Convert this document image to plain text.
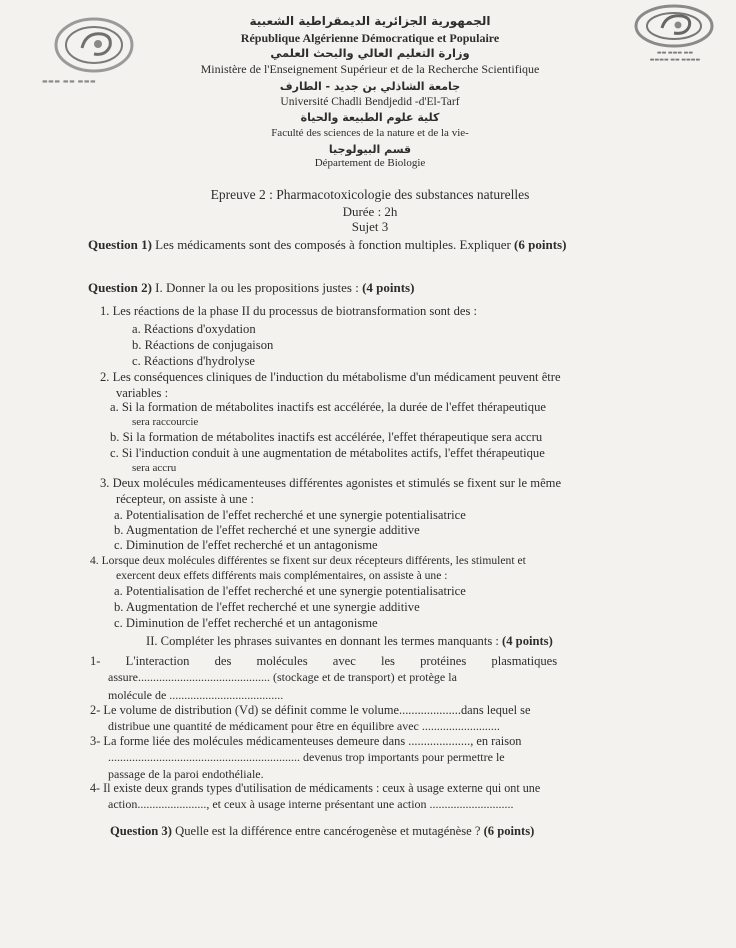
▬▬▬ ▬▬ ▬▬▬
▬▬ ▬▬▬ ▬▬
▬▬▬▬ ▬▬ ▬▬▬▬
الجمهورية الجزائرية الديمقراطية الشعبية
République Algérienne Démocratique et Populaire
وزارة التعليم العالي والبحث العلمي
Ministère de l'Enseignement Supérieur et de la Recherche Scientifique
جامعة الشاذلي بن جديد - الطارف
Université Chadli Bendjedid -d'El-Tarf
كلية علوم الطبيعة والحياة
Faculté des sciences de la nature et de la vie-
قسم البيولوجيا
Département de Biologie
Epreuve 2 : Pharmacotoxicologie des substances naturelles
Durée : 2h
Sujet 3
Question 1) Les médicaments sont des composés à fonction multiples. Expliquer (6 points)
Question 2) I. Donner la ou les propositions justes : (4 points)
1. Les réactions de la phase II du processus de biotransformation sont des :
a. Réactions d'oxydation
b. Réactions de conjugaison
c. Réactions d'hydrolyse
2. Les conséquences cliniques de l'induction du métabolisme d'un médicament peuvent être
variables :
a. Si la formation de métabolites inactifs est accélérée, la durée de l'effet thérapeutique
sera raccourcie
b. Si la formation de métabolites inactifs est accélérée, l'effet thérapeutique sera accru
c. Si l'induction conduit à une augmentation de métabolites actifs, l'effet thérapeutique
sera accru
3. Deux molécules médicamenteuses différentes agonistes et stimulés se fixent sur le même
récepteur, on assiste à une :
a. Potentialisation de l'effet recherché et une synergie potentialisatrice
b. Augmentation de l'effet recherché et une synergie additive
c. Diminution de l'effet recherché et un antagonisme
4. Lorsque deux molécules différentes se fixent sur deux récepteurs différents, les stimulent et
exercent deux effets différents mais complémentaires, on assiste à une :
a. Potentialisation de l'effet recherché et une synergie potentialisatrice
b. Augmentation de l'effet recherché et une synergie additive
c. Diminution de l'effet recherché et un antagonisme
II. Compléter les phrases suivantes en donnant les termes manquants : (4 points)
1- L'interaction des molécules avec les protéines plasmatiques
assure............................................ (stockage et de transport) et protège la
molécule de ......................................
2- Le volume de distribution (Vd) se définit comme le volume....................dans lequel se
distribue une quantité de médicament pour être en équilibre avec ..........................
3- La forme liée des molécules médicamenteuses demeure dans ...................., en raison
................................................................ devenus trop importants pour permettre le
passage de la paroi endothéliale.
4- Il existe deux grands types d'utilisation de médicaments : ceux à usage externe qui ont une
action......................., et ceux à usage interne présentant une action ............................
Question 3) Quelle est la différence entre cancérogenèse et mutagénèse ? (6 points)
